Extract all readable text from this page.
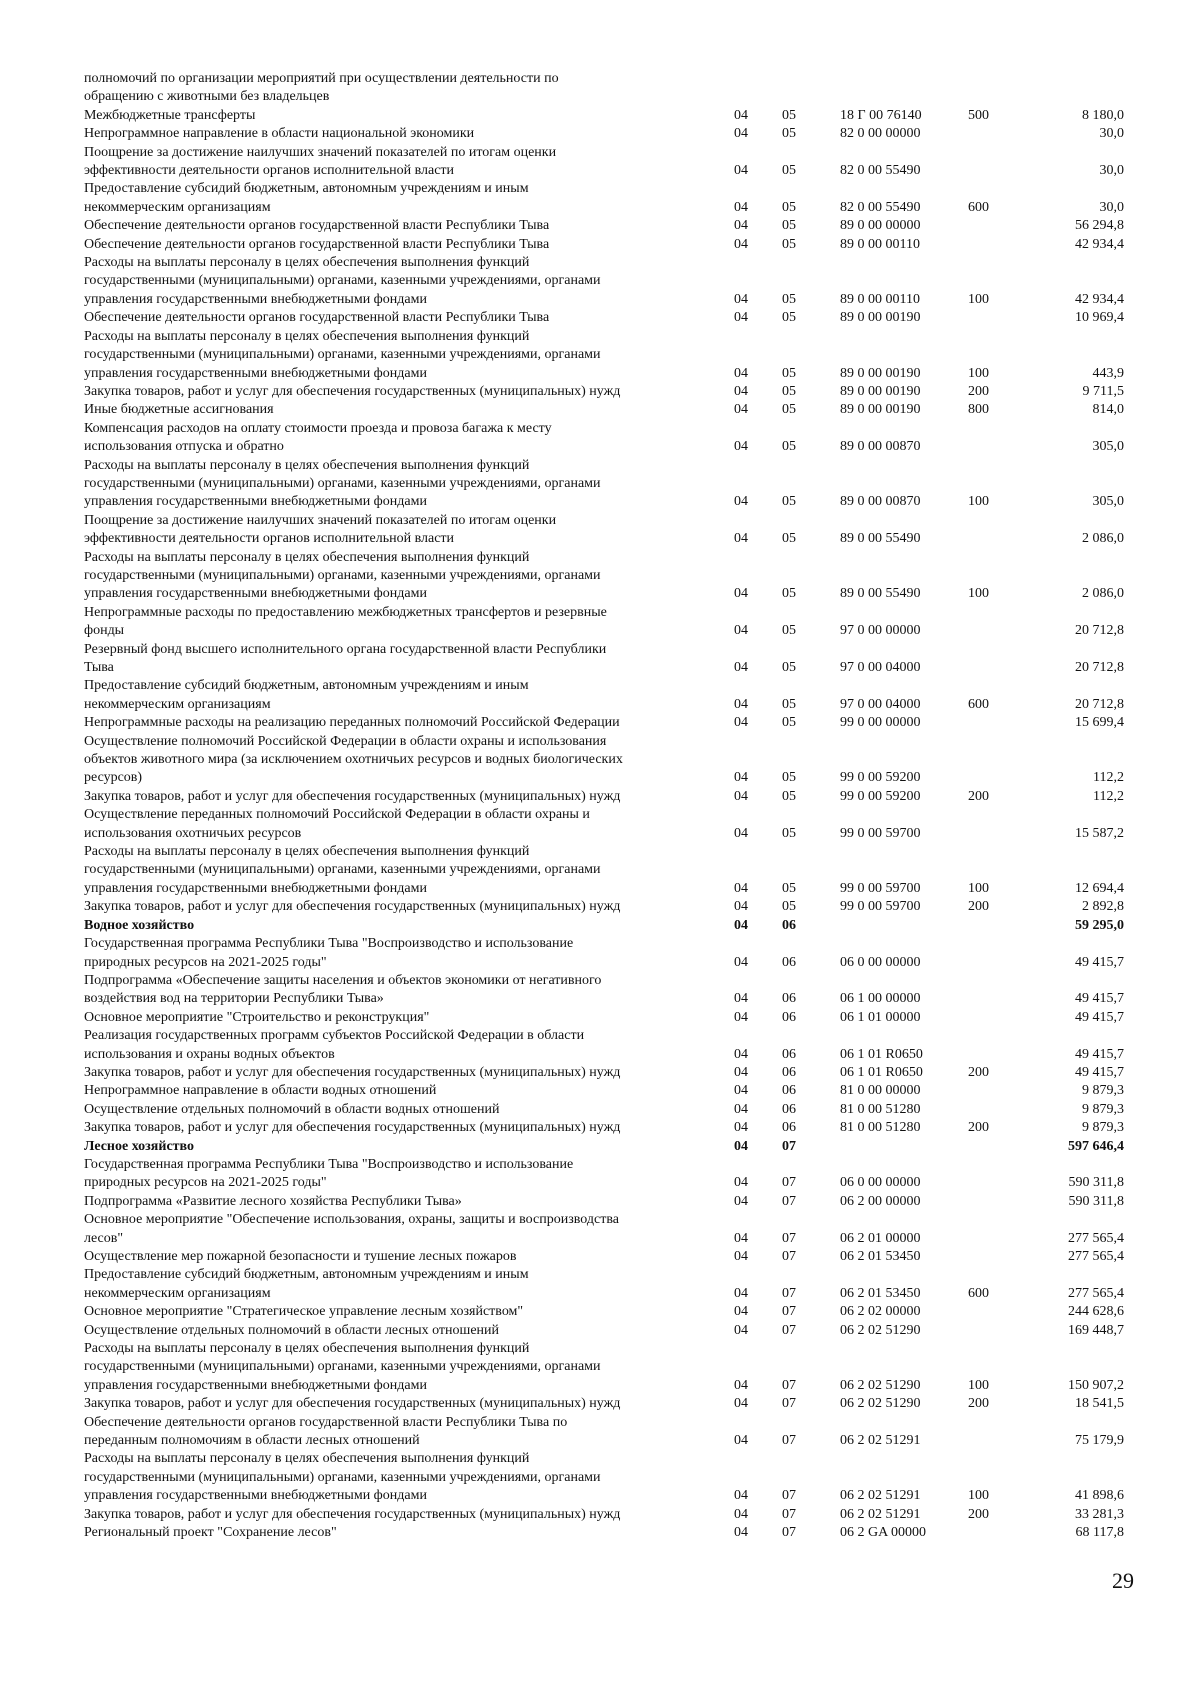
полномочий по организации мероприятий при осуществлении деятельности по
обращению с животными без владельцев
Межбюджетные трансферты	04	05	18 Г 00 76140	500	8 180,0
Непрограммное направление в области национальной экономики	04	05	82 0 00 00000	30,0
Поощрение за достижение наилучших значений показателей по итогам оценки
эффективности деятельности органов исполнительной власти	04	05	82 0 00 55490	30,0
Предоставление субсидий бюджетным, автономным учреждениям и иным
некоммерческим организациям	04	05	82 0 00 55490	600	30,0
Обеспечение деятельности органов государственной власти Республики Тыва	04	05	89 0 00 00000	56 294,8
Обеспечение деятельности органов государственной власти Республики Тыва	04	05	89 0 00 00110	42 934,4
Расходы на выплаты персоналу в целях обеспечения выполнения функций
государственными (муниципальными) органами, казенными учреждениями, органами
управления государственными внебюджетными фондами	04	05	89 0 00 00110	100	42 934,4
Обеспечение деятельности органов государственной власти Республики Тыва	04	05	89 0 00 00190	10 969,4
Расходы на выплаты персоналу в целях обеспечения выполнения функций
государственными (муниципальными) органами, казенными учреждениями, органами
управления государственными внебюджетными фондами	04	05	89 0 00 00190	100	443,9
Закупка товаров, работ и услуг для обеспечения государственных (муниципальных) нужд	04	05	89 0 00 00190	200	9 711,5
Иные бюджетные ассигнования	04	05	89 0 00 00190	800	814,0
Компенсация расходов на оплату стоимости проезда и провоза багажа к месту
использования отпуска и обратно	04	05	89 0 00 00870	305,0
Расходы на выплаты персоналу в целях обеспечения выполнения функций
государственными (муниципальными) органами, казенными учреждениями, органами
управления государственными внебюджетными фондами	04	05	89 0 00 00870	100	305,0
Поощрение за достижение наилучших значений показателей по итогам оценки
эффективности деятельности органов исполнительной власти	04	05	89 0 00 55490	2 086,0
Расходы на выплаты персоналу в целях обеспечения выполнения функций
государственными (муниципальными) органами, казенными учреждениями, органами
управления государственными внебюджетными фондами	04	05	89 0 00 55490	100	2 086,0
Непрограммные расходы по предоставлению межбюджетных трансфертов и резервные
фонды	04	05	97 0 00 00000	20 712,8
Резервный фонд высшего исполнительного органа государственной власти Республики
Тыва	04	05	97 0 00 04000	20 712,8
Предоставление субсидий бюджетным, автономным учреждениям и иным
некоммерческим организациям	04	05	97 0 00 04000	600	20 712,8
Непрограммные расходы на реализацию переданных полномочий Российской Федерации	04	05	99 0 00 00000	15 699,4
Осуществление полномочий Российской Федерации в области охраны и использования
объектов животного мира (за исключением охотничьих ресурсов и водных биологических
ресурсов)	04	05	99 0 00 59200	112,2
Закупка товаров, работ и услуг для обеспечения государственных (муниципальных) нужд	04	05	99 0 00 59200	200	112,2
Осуществление переданных полномочий Российской Федерации в области охраны и
использования охотничьих ресурсов	04	05	99 0 00 59700	15 587,2
Расходы на выплаты персоналу в целях обеспечения выполнения функций
государственными (муниципальными) органами, казенными учреждениями, органами
управления государственными внебюджетными фондами	04	05	99 0 00 59700	100	12 694,4
Закупка товаров, работ и услуг для обеспечения государственных (муниципальных) нужд	04	05	99 0 00 59700	200	2 892,8
Водное хозяйство	04	06	59 295,0
Государственная программа Республики Тыва "Воспроизводство и использование
природных ресурсов на 2021-2025 годы"	04	06	06 0 00 00000	49 415,7
Подпрограмма «Обеспечение защиты населения и объектов экономики от негативного
воздействия вод на территории Республики Тыва»	04	06	06 1 00 00000	49 415,7
Основное мероприятие "Строительство и реконструкция"	04	06	06 1 01 00000	49 415,7
Реализация государственных программ субъектов Российской Федерации в области
использования и охраны водных объектов	04	06	06 1 01 R0650	49 415,7
Закупка товаров, работ и услуг для обеспечения государственных (муниципальных) нужд	04	06	06 1 01 R0650	200	49 415,7
Непрограммное направление в области водных отношений	04	06	81 0 00 00000	9 879,3
Осуществление отдельных полномочий в области водных отношений	04	06	81 0 00 51280	9 879,3
Закупка товаров, работ и услуг для обеспечения государственных (муниципальных) нужд	04	06	81 0 00 51280	200	9 879,3
Лесное хозяйство	04	07	597 646,4
Государственная программа Республики Тыва "Воспроизводство и использование
природных ресурсов на 2021-2025 годы"	04	07	06 0 00 00000	590 311,8
Подпрограмма «Развитие лесного хозяйства Республики Тыва»	04	07	06 2 00 00000	590 311,8
Основное мероприятие "Обеспечение использования, охраны, защиты и воспроизводства
лесов"	04	07	06 2 01 00000	277 565,4
Осуществление мер пожарной безопасности и тушение лесных пожаров	04	07	06 2 01 53450	277 565,4
Предоставление субсидий бюджетным, автономным учреждениям и иным
некоммерческим организациям	04	07	06 2 01 53450	600	277 565,4
Основное мероприятие "Стратегическое управление лесным хозяйством"	04	07	06 2 02 00000	244 628,6
Осуществление отдельных полномочий в области лесных отношений	04	07	06 2 02 51290	169 448,7
Расходы на выплаты персоналу в целях обеспечения выполнения функций
государственными (муниципальными) органами, казенными учреждениями, органами
управления государственными внебюджетными фондами	04	07	06 2 02 51290	100	150 907,2
Закупка товаров, работ и услуг для обеспечения государственных (муниципальных) нужд	04	07	06 2 02 51290	200	18 541,5
Обеспечение деятельности органов государственной власти Республики Тыва по
переданным полномочиям в области лесных отношений	04	07	06 2 02 51291	75 179,9
Расходы на выплаты персоналу в целях обеспечения выполнения функций
государственными (муниципальными) органами, казенными учреждениями, органами
управления государственными внебюджетными фондами	04	07	06 2 02 51291	100	41 898,6
Закупка товаров, работ и услуг для обеспечения государственных (муниципальных) нужд	04	07	06 2 02 51291	200	33 281,3
Региональный проект "Сохранение лесов"	04	07	06 2 GA 00000	68 117,8
29
